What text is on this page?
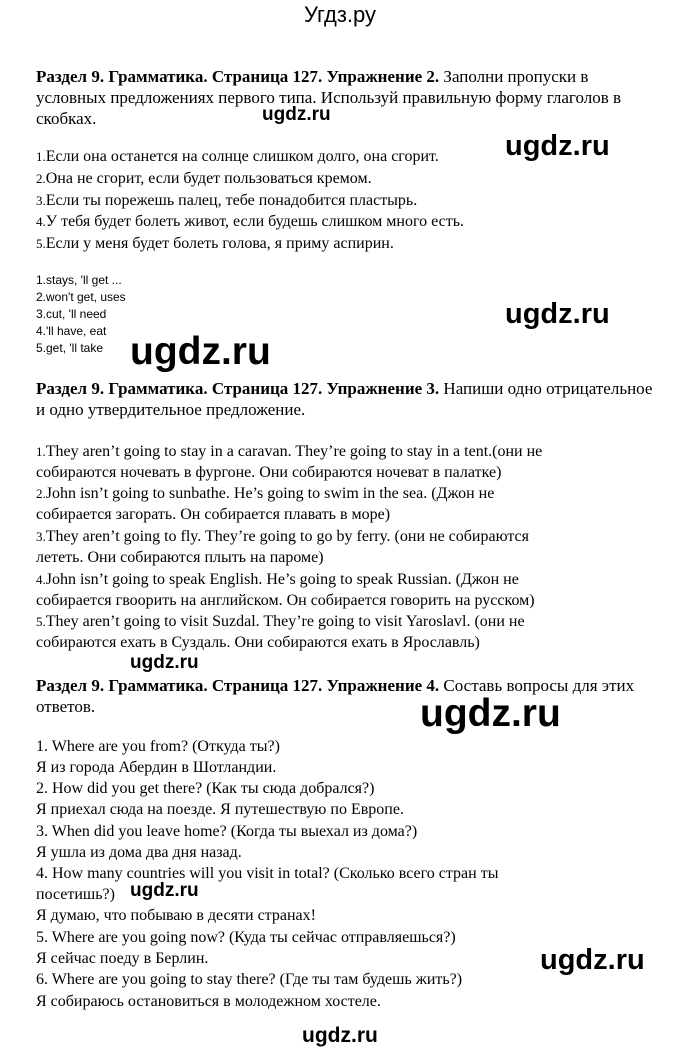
Угдз.ру

Раздел 9. Грамматика. Страница 127. Упражнение 2. Заполни пропуски в условных предложениях первого типа. Используй правильную форму глаголов в скобках.

1.Если она останется на солнце слишком долго, она сгорит.
2.Она не сгорит, если будет пользоваться кремом.
3.Если ты порежешь палец, тебе понадобится пластырь.
4.У тебя будет болеть живот, если будешь слишком много есть.
5.Если у меня будет болеть голова, я приму аспирин.
1.stays, 'll get ...
2.won't get, uses
3.cut, 'll need
4.'ll have, eat
5.get, 'll take

Раздел 9. Грамматика. Страница 127. Упражнение 3. Напиши одно отрицательное и одно утвердительное предложение.

1.They aren’t going to stay in a caravan. They’re going to stay in a tent.(они не
собираются ночевать в фургоне. Они собираются ночеват в палатке)
2.John isn’t going to sunbathe. He’s going to swim in the sea. (Джон не
собирается загорать. Он собирается плавать в море)
3.They aren’t going to fly. They’re going to go by ferry. (они не собираются
лететь. Они собираются плыть на пароме)
4.John isn’t going to speak English. He’s going to speak Russian. (Джон не
собирается гвоорить на английском. Он собирается говорить на русском)
5.They aren’t going to visit Suzdal. They’re going to visit Yaroslavl. (они не
собираются ехать в Суздаль. Они собираются ехать в Ярославль)

Раздел 9. Грамматика. Страница 127. Упражнение 4. Составь вопросы для этих ответов.

1. Where are you from? (Откуда ты?)
Я из города Абердин в Шотландии.
2. How did you get there? (Как ты сюда добрался?)
Я приехал сюда на поезде. Я путешествую по Европе.
3. When did you leave home? (Когда ты выехал из дома?)
Я ушла из дома два дня назад.
4. How many countries will you visit in total? (Сколько всего стран ты
посетишь?)
Я думаю, что побываю в десяти странах!
5. Where are you going now? (Куда ты сейчас отправляешься?)
Я сейчас поеду в Берлин.
6. Where are you going to stay there? (Где ты там будешь жить?)
Я собираюсь остановиться в молодежном хостеле.
ugdz.ru
ugdz.ru
ugdz.ru
ugdz.ru
ugdz.ru
ugdz.ru
ugdz.ru
ugdz.ru
ugdz.ru
